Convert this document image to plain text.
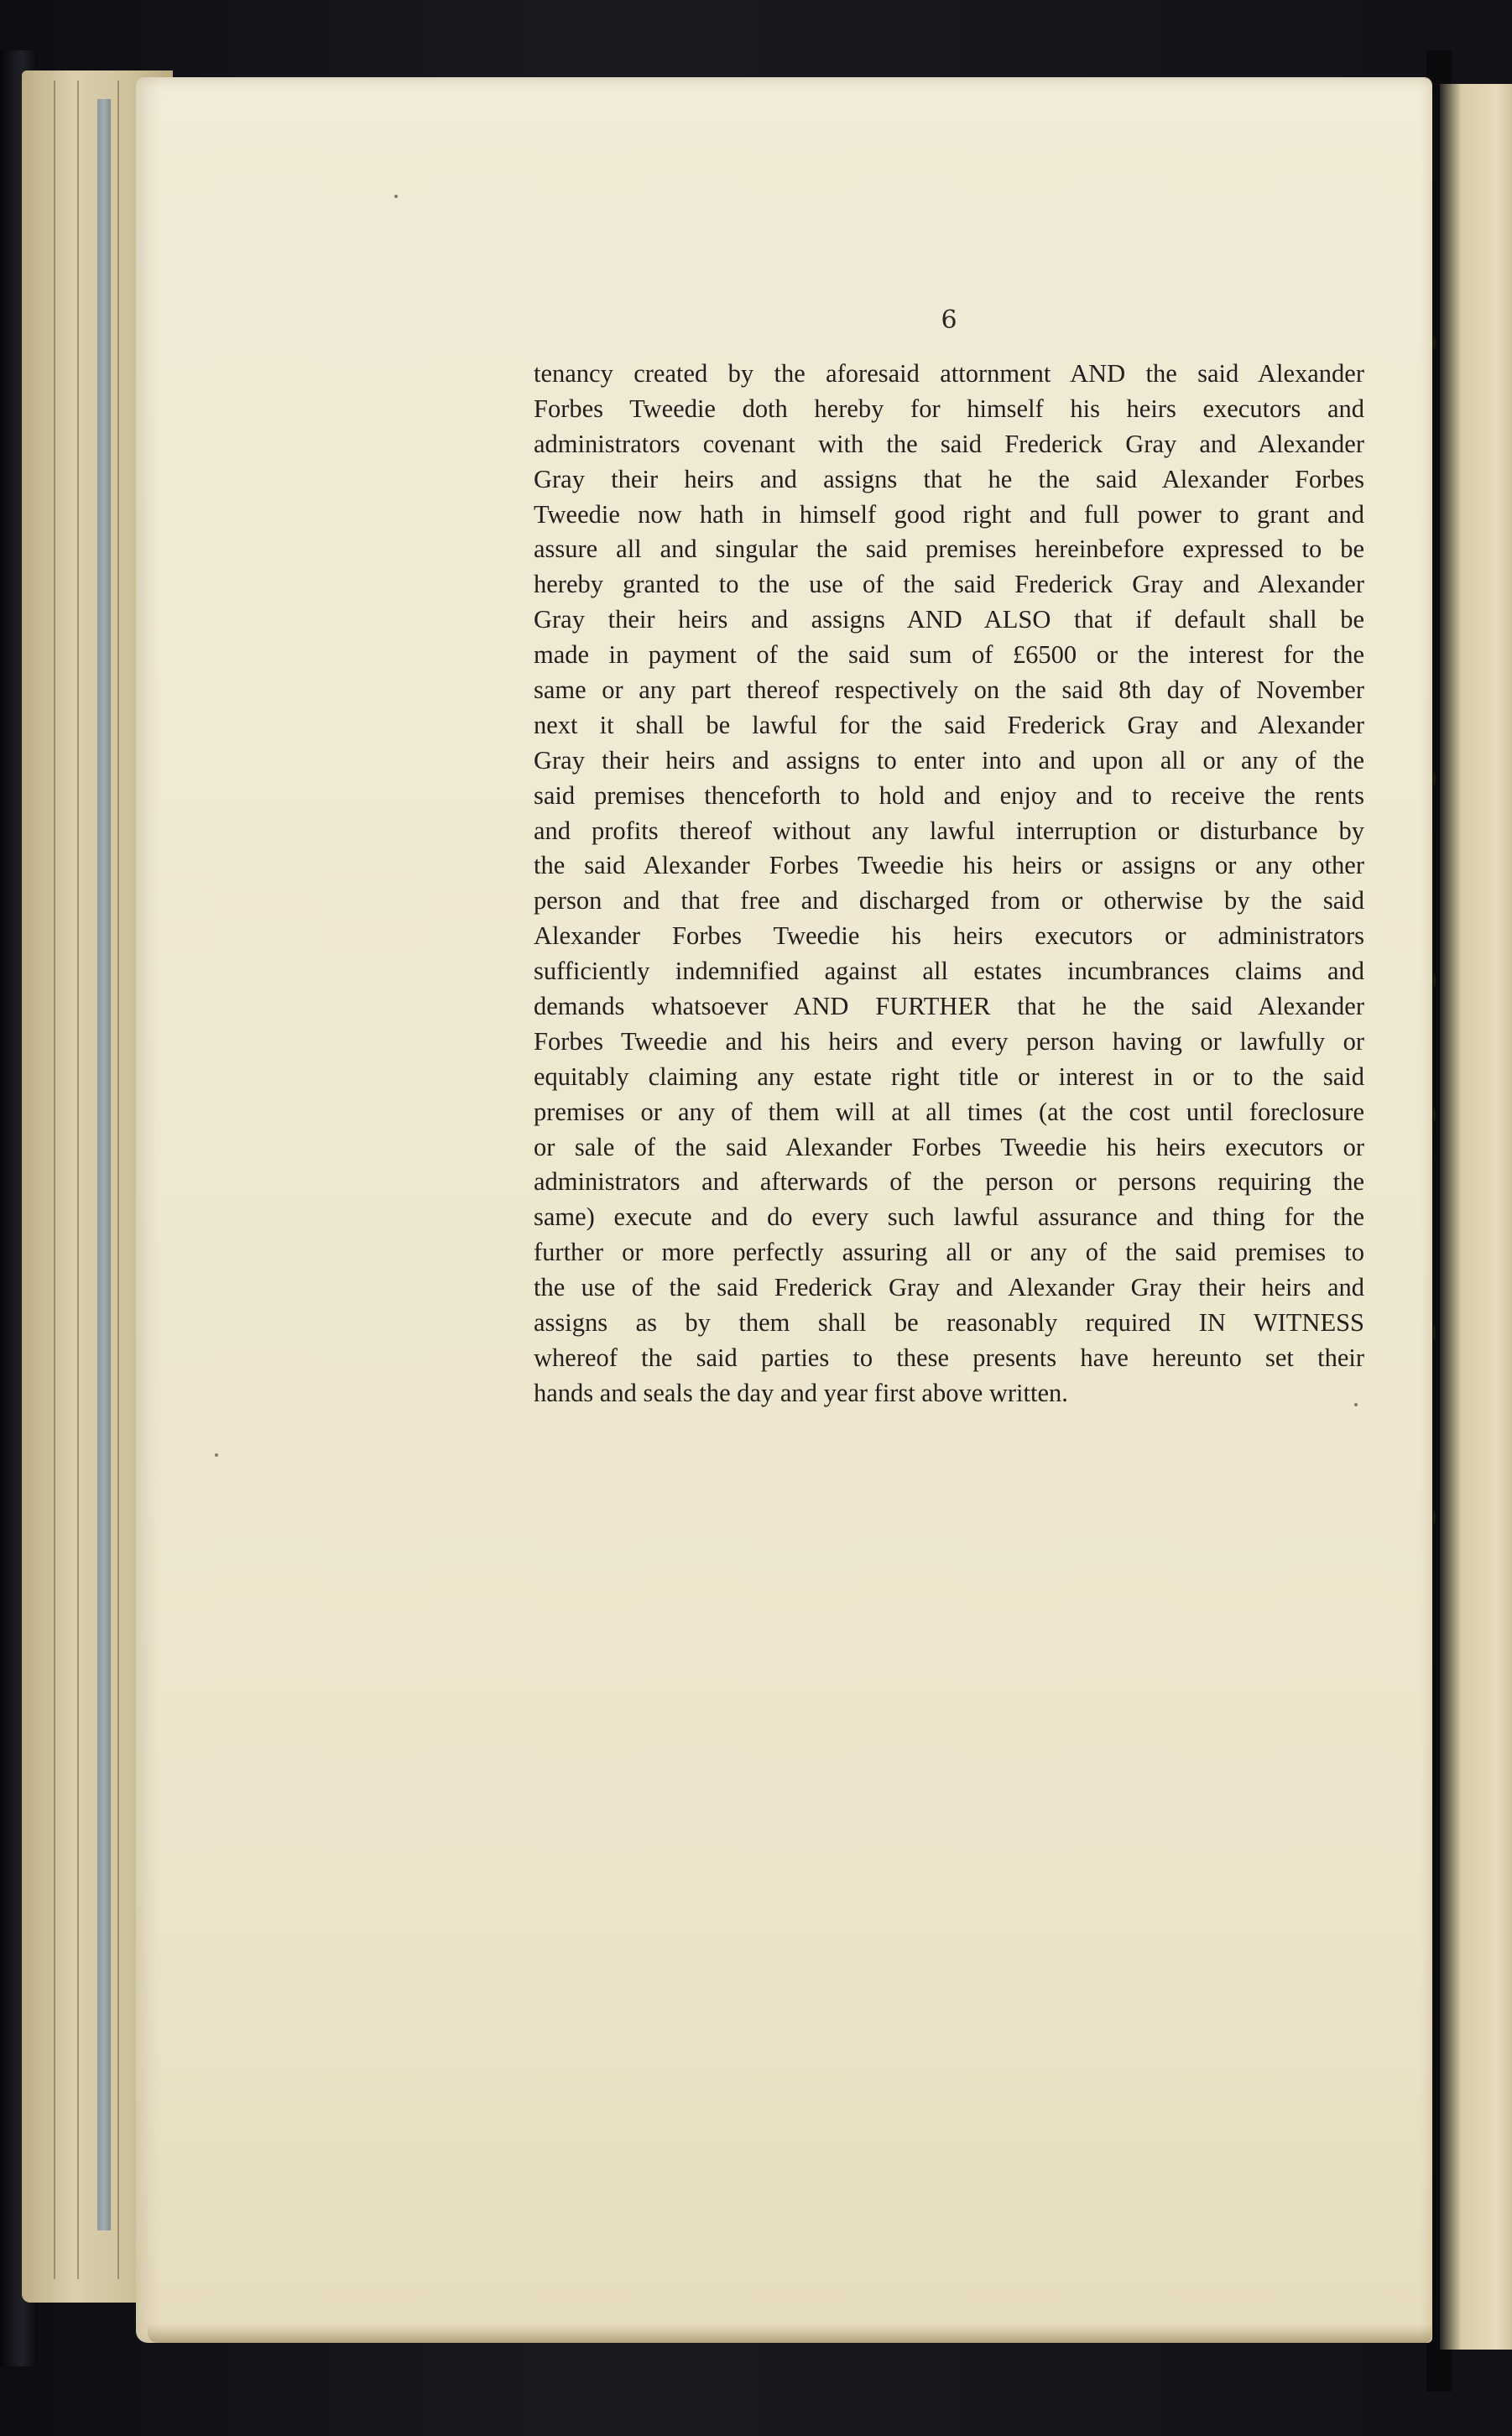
6
tenancy created by the aforesaid attornment AND the said Alexander
Forbes Tweedie doth hereby for himself his heirs executors and
administrators covenant with the said Frederick Gray and Alexander
Gray their heirs and assigns that he the said Alexander Forbes
Tweedie now hath in himself good right and full power to grant and
assure all and singular the said premises hereinbefore expressed to be
hereby granted to the use of the said Frederick Gray and Alexander
Gray their heirs and assigns AND ALSO that if default shall be
made in payment of the said sum of £6500 or the interest for the
same or any part thereof respectively on the said 8th day of November
next it shall be lawful for the said Frederick Gray and Alexander
Gray their heirs and assigns to enter into and upon all or any of the
said premises thenceforth to hold and enjoy and to receive the rents
and profits thereof without any lawful interruption or disturbance by
the said Alexander Forbes Tweedie his heirs or assigns or any other
person and that free and discharged from or otherwise by the said
Alexander Forbes Tweedie his heirs executors or administrators
sufficiently indemnified against all estates incumbrances claims and
demands whatsoever AND FURTHER that he the said Alexander
Forbes Tweedie and his heirs and every person having or lawfully or
equitably claiming any estate right title or interest in or to the said
premises or any of them will at all times (at the cost until foreclosure
or sale of the said Alexander Forbes Tweedie his heirs executors or
administrators and afterwards of the person or persons requiring the
same) execute and do every such lawful assurance and thing for the
further or more perfectly assuring all or any of the said premises to
the use of the said Frederick Gray and Alexander Gray their heirs and
assigns as by them shall be reasonably required IN WITNESS
whereof the said parties to these presents have hereunto set their
hands and seals the day and year first above written.
